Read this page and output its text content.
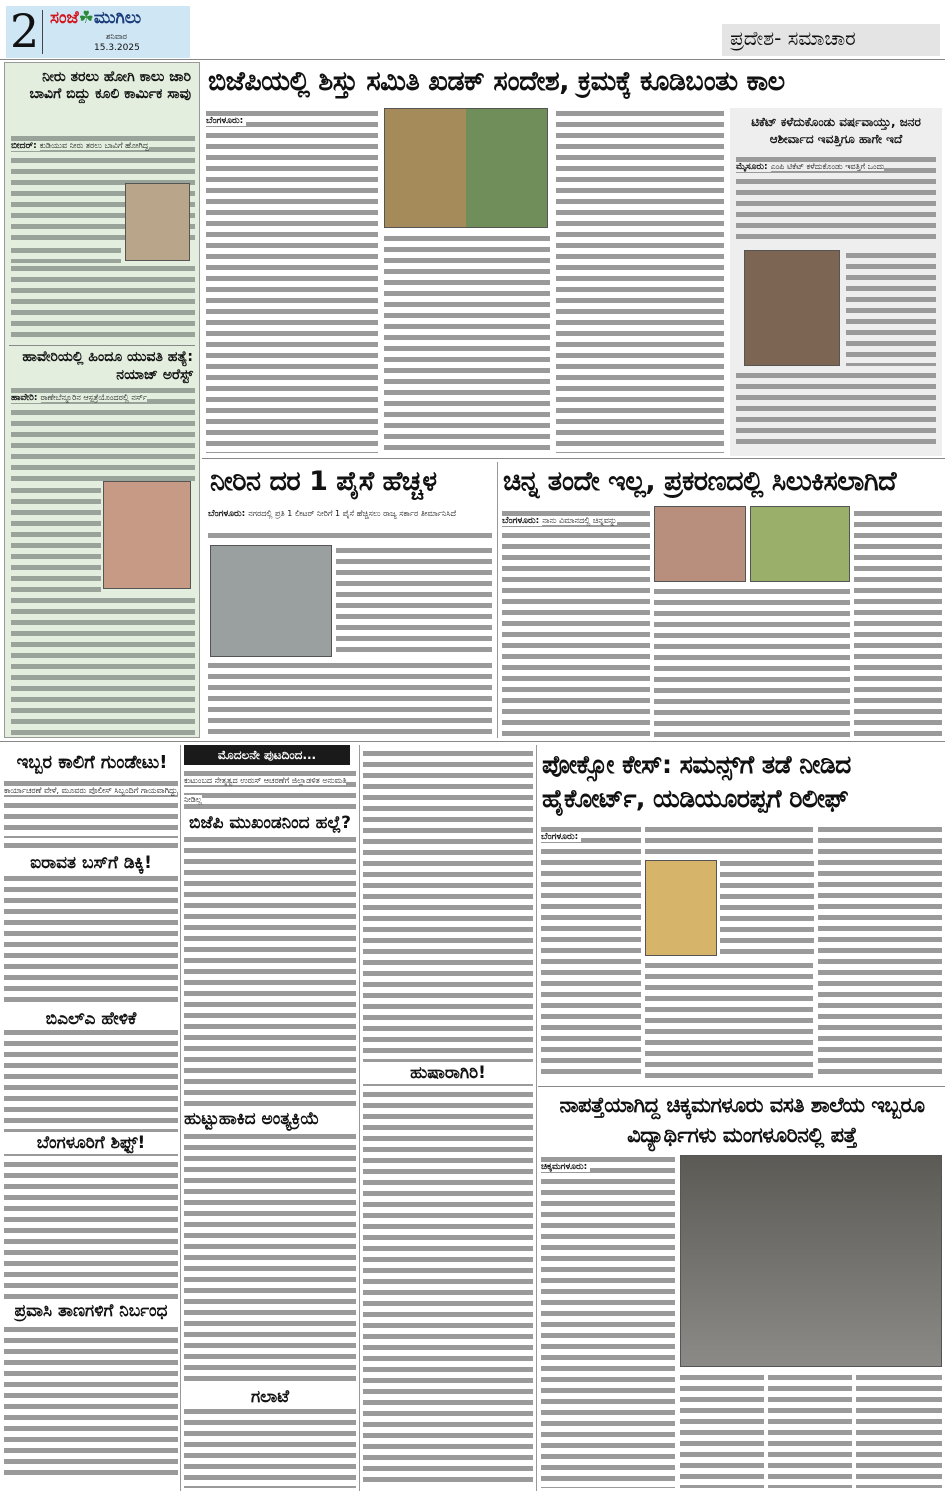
2 ಸಂಜೆ☘ಮುಗಿಲು
ಶನಿವಾರ
15.3.2025	ಪ್ರದೇಶ- ಸಮಾಚಾರ
ನೀರು ತರಲು ಹೋಗಿ ಕಾಲು ಜಾರಿ ಬಾವಿಗೆ ಬಿದ್ದು ಕೂಲಿ ಕಾರ್ಮಿಕ ಸಾವು
ಬೀದರ್: ಕುಡಿಯುವ ನೀರು ತರಲು ಬಾವಿಗೆ ಹೋಗಿದ್ದ
ಹಾವೇರಿಯಲ್ಲಿ ಹಿಂದೂ ಯುವತಿ ಹತ್ಯೆ: ನಯಾಜ್ ಅರೆಸ್ಟ್
ಹಾವೇರಿ: ರಾಣೇಬೆನ್ನೂರಿನ ಆಸ್ಪತ್ರೆಯೊಂದರಲ್ಲಿ ನರ್ಸ್
ಬಿಜೆಪಿಯಲ್ಲಿ ಶಿಸ್ತು ಸಮಿತಿ ಖಡಕ್ ಸಂದೇಶ, ಕ್ರಮಕ್ಕೆ ಕೂಡಿಬಂತು ಕಾಲ
ಬೆಂಗಳೂರು:	ಟಿಕೆಟ್ ಕಳೆದುಕೊಂಡು ವರ್ಷವಾಯ್ತು, ಜನರ ಆಶೀರ್ವಾದ ಇವತ್ತಿಗೂ ಹಾಗೇ ಇದೆ
ಮೈಸೂರು: ಎಂಪಿ ಟಿಕೆಟ್ ಕಳೆದುಕೊಂಡು ಇವತ್ತಿಗೆ ಒಂದು
ನೀರಿನ ದರ 1 ಪೈಸೆ ಹೆಚ್ಚಳ
ಬೆಂಗಳೂರು: ನಗರದಲ್ಲಿ ಪ್ರತಿ 1 ಲೀಟರ್ ನೀರಿಗೆ 1 ಪೈಸೆ ಹೆಚ್ಚಿಸಲು ರಾಜ್ಯ ಸರ್ಕಾರ ತೀರ್ಮಾನಿಸಿದೆ
ಚಿನ್ನ ತಂದೇ ಇಲ್ಲ, ಪ್ರಕರಣದಲ್ಲಿ ಸಿಲುಕಿಸಲಾಗಿದೆ
ಬೆಂಗಳೂರು: ನಾನು ವಿಮಾನದಲ್ಲಿ ಚಿನ್ನವನ್ನು
ಇಬ್ಬರ ಕಾಲಿಗೆ ಗುಂಡೇಟು!
ಕಾರ್ಯಾಚರಣೆ ವೇಳೆ, ಮೂವರು ಪೊಲೀಸ್ ಸಿಬ್ಬಂದಿಗೆ ಗಾಯವಾಗಿದ್ದು
ಐರಾವತ ಬಸ್‌ಗೆ ಡಿಕ್ಕಿ!
ಬಿಎಲ್‌ಎ ಹೇಳಿಕೆ
ಬೆಂಗಳೂರಿಗೆ ಶಿಫ್ಟ್!
ಪ್ರವಾಸಿ ತಾಣಗಳಿಗೆ ನಿರ್ಬಂಧ
ಮೊದಲನೇ ಪುಟದಿಂದ...
ಕುಟುಂಬದ ನೇತೃತ್ವದ ಉರುಸ್ ಆಚರಣೆಗೆ ಜಿಲ್ಲಾಡಳಿತ ಅನುಮತಿ ನೀಡಿಲ್ಲ
ಬಿಜೆಪಿ ಮುಖಂಡನಿಂದ ಹಲ್ಲೆ?
ಹುಟ್ಟುಹಾಕಿದ ಅಂತ್ಯಕ್ರಿಯೆ
ಗಲಾಟೆ
ಹುಷಾರಾಗಿರಿ!
ಪೋಕ್ಸೋ ಕೇಸ್: ಸಮನ್ಸ್‌ಗೆ ತಡೆ ನೀಡಿದ ಹೈಕೋರ್ಟ್, ಯಡಿಯೂರಪ್ಪಗೆ ರಿಲೀಫ್
ಬೆಂಗಳೂರು:
ನಾಪತ್ತೆಯಾಗಿದ್ದ ಚಿಕ್ಕಮಗಳೂರು ವಸತಿ ಶಾಲೆಯ ಇಬ್ಬರೂ ವಿದ್ಯಾರ್ಥಿಗಳು ಮಂಗಳೂರಿನಲ್ಲಿ ಪತ್ತೆ
ಚಿಕ್ಕಮಗಳೂರು:
